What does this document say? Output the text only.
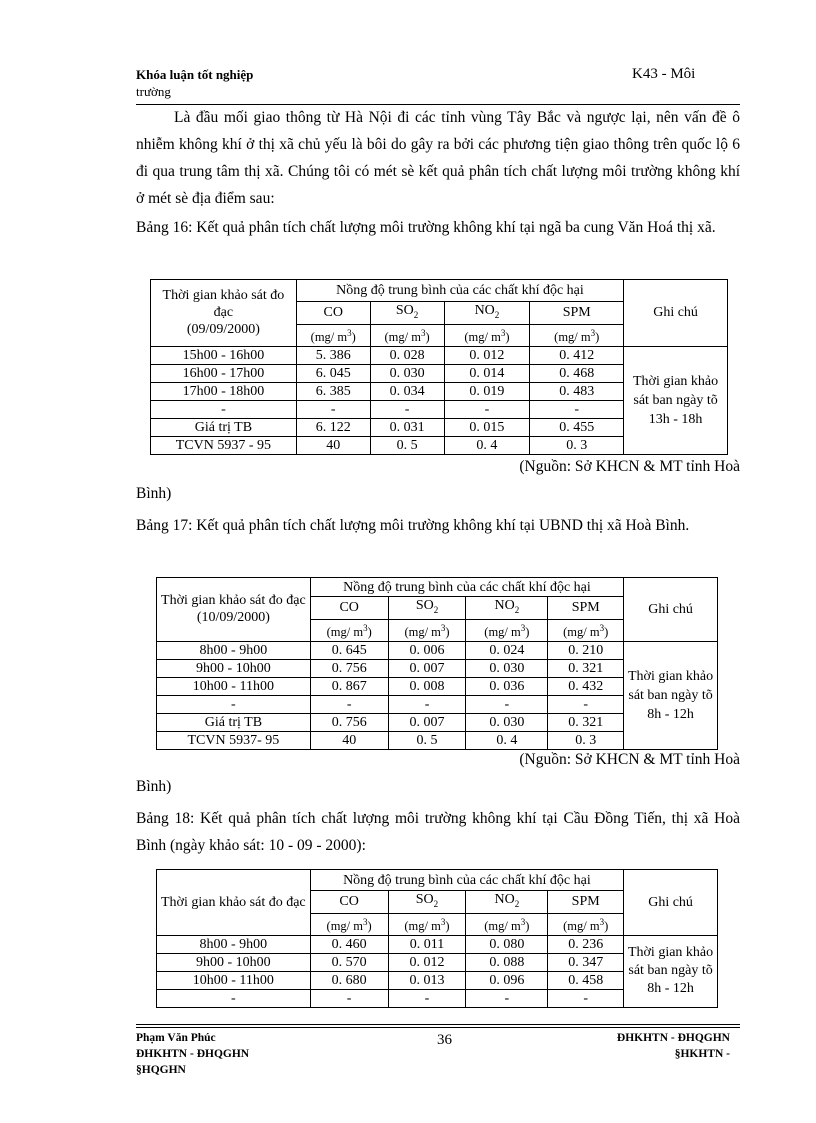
Khóa luận tốt nghiệp
trường
K43 - Môi

Là đầu mối giao thông từ Hà Nội đi các tỉnh vùng Tây Bắc và ngược lại, nên vấn đề ô nhiễm không khí ở thị xã chủ yếu là bôi do gây ra bởi các phương tiện giao thông trên quốc lộ 6 đi qua trung tâm thị xã. Chúng tôi có mét sè kết quả phân tích chất lượng môi trường không khí ở mét sè địa điểm sau:

Bảng 16: Kết quả phân tích chất lượng môi trường không khí tại ngã ba cung Văn Hoá thị xã.

Thời gian khảo sát đo đạc
(09/09/2000)	Nồng độ trung bình của các chất khí độc hại				Ghi chú
	CO	$SO_2$	$NO_2$	SPM	
	(mg/ $m^3$)	(mg/ $m^3$)	(mg/ $m^3$)	(mg/ $m^3$)	
15h00 - 16h00	5. 386	0. 028	0. 012	0. 412	Thời gian khảo sát ban ngày tõ 13h - 18h
16h00 - 17h00	6. 045	0. 030	0. 014	0. 468	
17h00 - 18h00	6. 385	0. 034	0. 019	0. 483	
-	-	-	-	-	
Giá trị TB	6. 122	0. 031	0. 015	0. 455	
TCVN 5937 - 95	40	0. 5	0. 4	0. 3	
(Nguồn: Sở KHCN & MT tỉnh Hoà
Bình)

Bảng 17: Kết quả phân tích chất lượng môi trường không khí tại UBND thị xã Hoà Bình.

Thời gian khảo sát đo đạc
(10/09/2000)	Nồng độ trung bình của các chất khí độc hại				Ghi chú
	CO	$SO_2$	$NO_2$	SPM	
	(mg/ $m^3$)	(mg/ $m^3$)	(mg/ $m^3$)	(mg/ $m^3$)	
8h00 - 9h00	0. 645	0. 006	0. 024	0. 210	Thời gian khảo sát ban ngày tõ 8h - 12h
9h00 - 10h00	0. 756	0. 007	0. 030	0. 321	
10h00 - 11h00	0. 867	0. 008	0. 036	0. 432	
-	-	-	-	-	
Giá trị TB	0. 756	0. 007	0. 030	0. 321	
TCVN 5937- 95	40	0. 5	0. 4	0. 3	
(Nguồn: Sở KHCN & MT tỉnh Hoà
Bình)

Bảng 18: Kết quả phân tích chất lượng môi trường không khí tại Cầu Đồng Tiến, thị xã Hoà Bình (ngày khảo sát: 10 - 09 - 2000):

Thời gian khảo sát đo đạc	Nồng độ trung bình của các chất khí độc hại				Ghi chú
	CO	$SO_2$	$NO_2$	SPM	
	(mg/ $m^3$)	(mg/ $m^3$)	(mg/ $m^3$)	(mg/ $m^3$)	
8h00 - 9h00	0. 460	0. 011	0. 080	0. 236	Thời gian khảo sát ban ngày tõ 8h - 12h
9h00 - 10h00	0. 570	0. 012	0. 088	0. 347	
10h00 - 11h00	0. 680	0. 013	0. 096	0. 458	
-	-	-	-	-	
Phạm Văn Phúc
ĐHKHTN - ĐHQGHN
§HQGHN
36	ĐHKHTN - ĐHQGHN
§HKHTN -
